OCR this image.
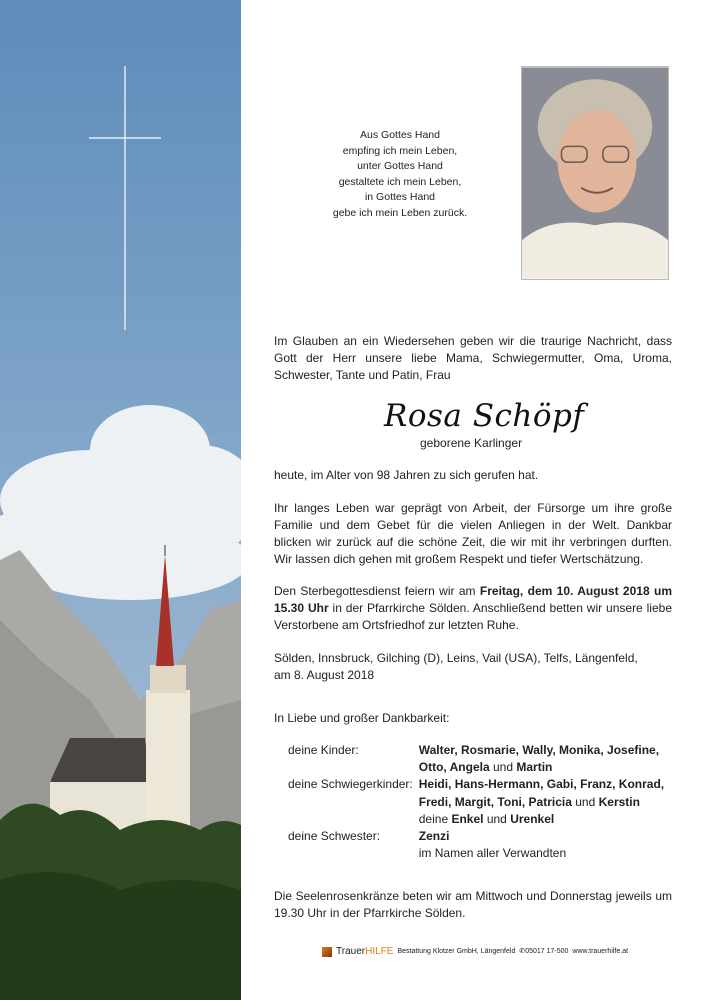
Aus Gottes Hand
empfing ich mein Leben,
unter Gottes Hand
gestaltete ich mein Leben,
in Gottes Hand
gebe ich mein Leben zurück.
Im Glauben an ein Wiedersehen geben wir die traurige Nachricht, dass Gott der Herr unsere liebe Mama, Schwiegermutter, Oma, Uroma, Schwester, Tante und Patin, Frau
Rosa Schöpf
geborene Karlinger
heute, im Alter von 98 Jahren zu sich gerufen hat.
Ihr langes Leben war geprägt von Arbeit, der Fürsorge um ihre große Familie und dem Gebet für die vielen Anliegen in der Welt. Dankbar blicken wir zurück auf die schöne Zeit, die wir mit ihr verbringen durften. Wir lassen dich gehen mit großem Respekt und tiefer Wertschätzung.
Den Sterbegottesdienst feiern wir am Freitag, dem 10. August 2018 um 15.30 Uhr in der Pfarrkirche Sölden. Anschließend betten wir unsere liebe Verstorbene am Ortsfriedhof zur letzten Ruhe.
Sölden, Innsbruck, Gilching (D), Leins, Vail (USA), Telfs, Längenfeld,
am 8. August 2018
In Liebe und großer Dankbarkeit:
deine Kinder:	Walter, Rosmarie, Wally, Monika, Josefine,
Otto, Angela und Martin
deine Schwiegerkinder: Heidi, Hans-Hermann, Gabi, Franz, Konrad,
Fredi, Margit, Toni, Patricia und Kerstin
deine Enkel und Urenkel
deine Schwester:	Zenzi
im Namen aller Verwandten
Die Seelenrosenkränze beten wir am Mittwoch und Donnerstag jeweils um 19.30 Uhr in der Pfarrkirche Sölden.
TrauerHILFE Bestattung Klotzer GmbH, Längenfeld ✆05017 17-500 www.trauerhilfe.at
